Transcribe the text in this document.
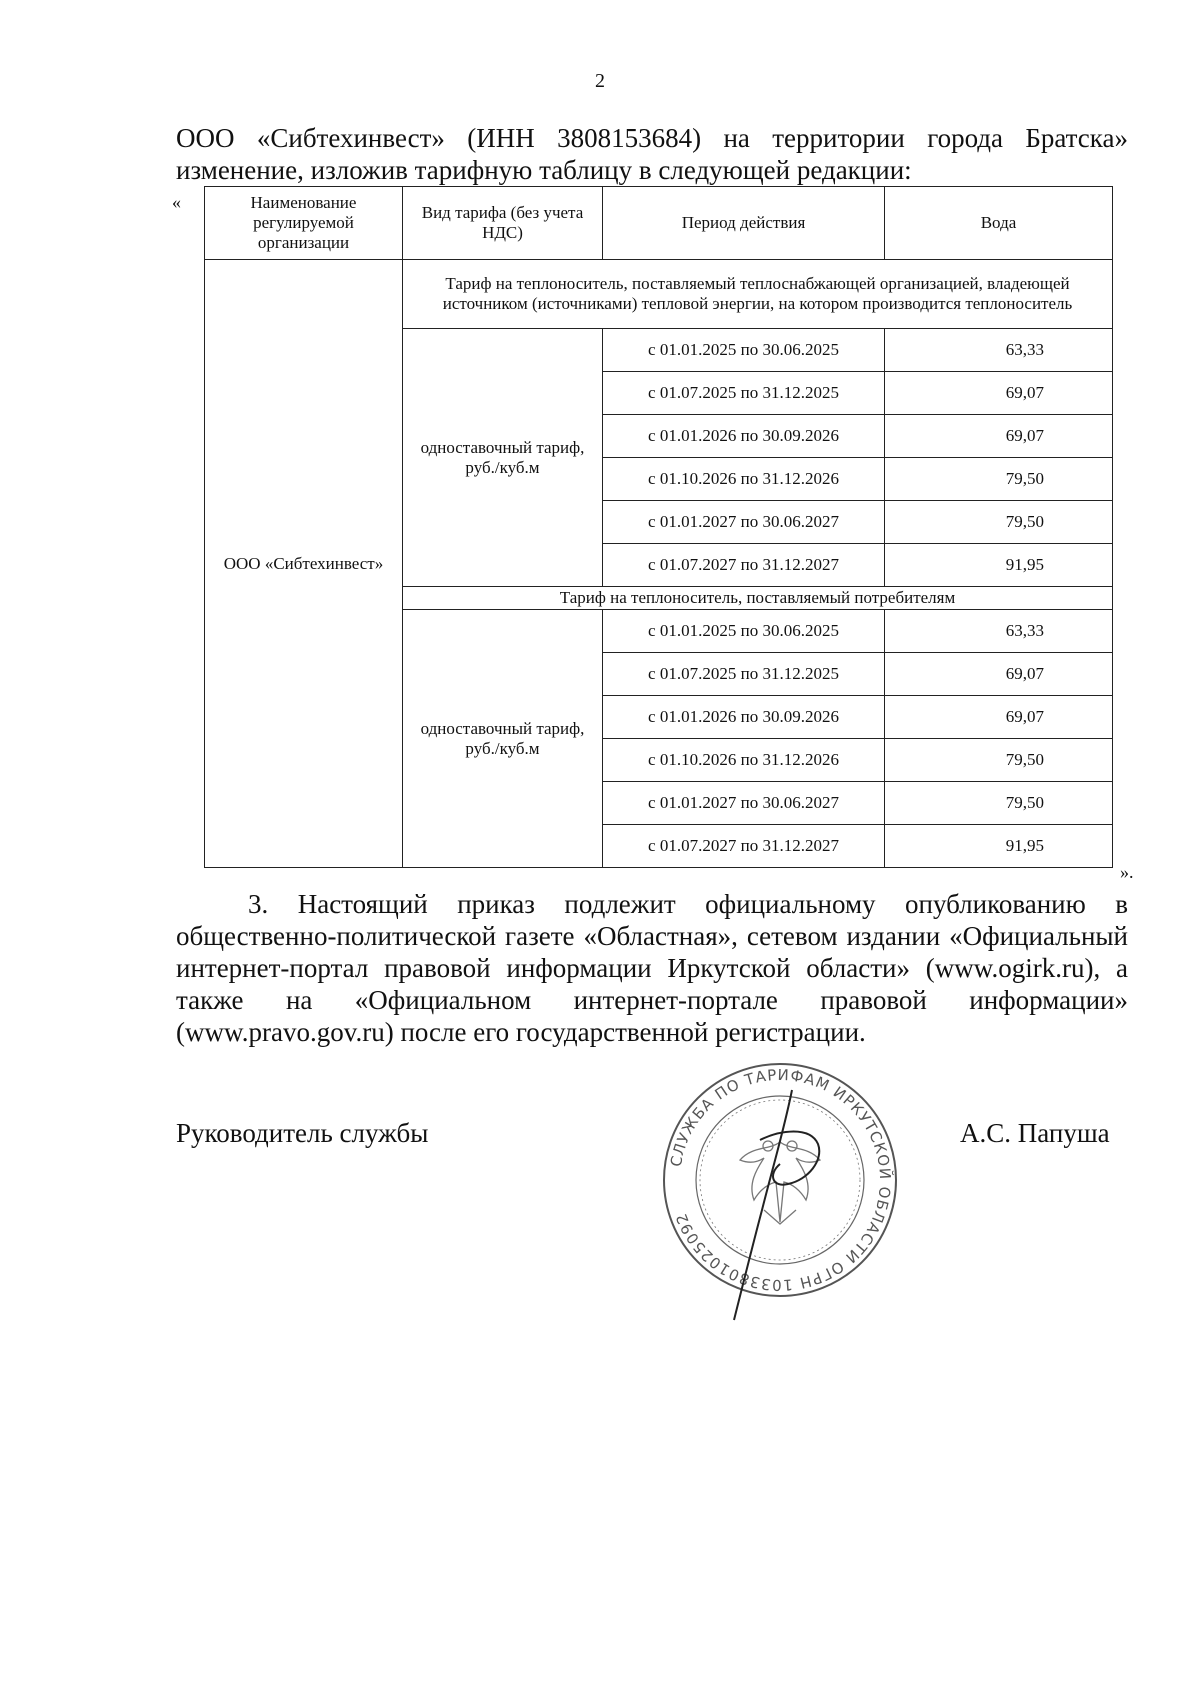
2

ООО «Сибтехинвест» (ИНН 3808153684) на территории города Братска»

изменение, изложив тарифную таблицу в следующей редакции:

«	Наименование регулируемой организации	Вид тарифа (без учета НДС)	Период действия	Вода
ООО «Сибтехинвест»	Тариф на теплоноситель, поставляемый теплоснабжающей организацией, владеющей источником (источниками) тепловой энергии, на котором производится теплоноситель		
	одноставочный тариф, руб./куб.м	с 01.01.2025 по 30.06.2025	63,33
		с 01.07.2025 по 31.12.2025	69,07
		с 01.01.2026 по 30.09.2026	69,07
		с 01.10.2026 по 31.12.2026	79,50
		с 01.01.2027 по 30.06.2027	79,50
		с 01.07.2027 по 31.12.2027	91,95
	Тариф на теплоноситель, поставляемый потребителям		
	одноставочный тариф, руб./куб.м	с 01.01.2025 по 30.06.2025	63,33
		с 01.07.2025 по 31.12.2025	69,07
		с 01.01.2026 по 30.09.2026	69,07
		с 01.10.2026 по 31.12.2026	79,50
		с 01.01.2027 по 30.06.2027	79,50
		с 01.07.2027 по 31.12.2027	91,95
».

3. Настоящий приказ подлежит официальному опубликованию в общественно-политической газете «Областная», сетевом издании «Официальный интернет-портал правовой информации Иркутской области» (www.ogirk.ru), а также на «Официальном интернет-портале правовой информации» (www.pravo.gov.ru) после его государственной регистрации.

Руководитель службы	А.С. Папуша
СЛУЖБА ПО ТАРИФАМ ИРКУТСКОЙ ОБЛАСТИ ОГРН 1033801025092
